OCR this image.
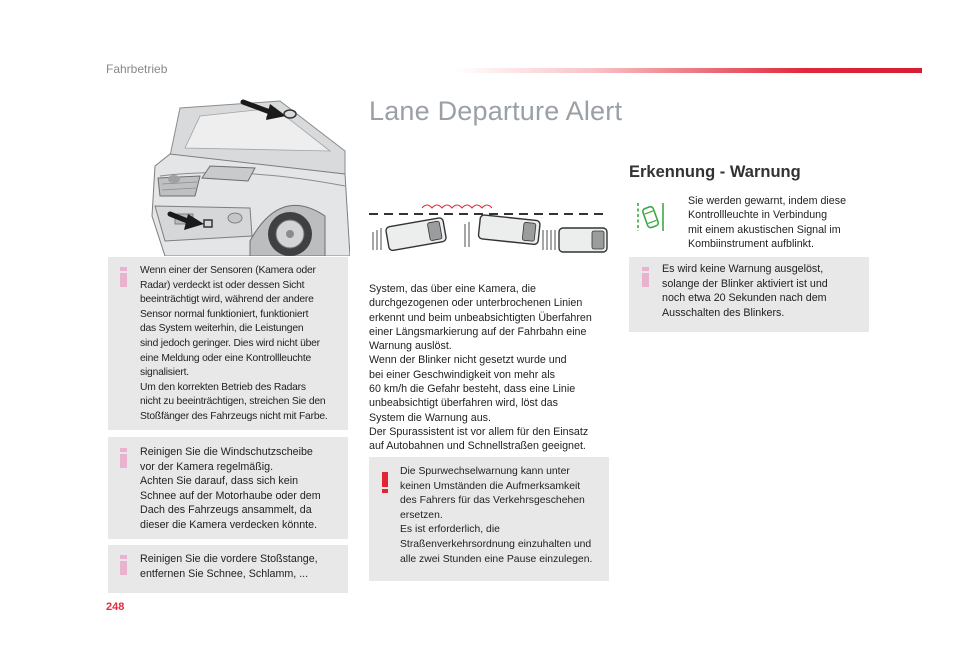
Fahrbetrieb
248
Lane Departure Alert
Erkennung - Warnung
Sie werden gewarnt, indem diese
Kontrollleuchte in Verbindung
mit einem akustischen Signal im
Kombiinstrument aufblinkt.
System, das über eine Kamera, die
durchgezogenen oder unterbrochenen Linien
erkennt und beim unbeabsichtigten Überfahren
einer Längsmarkierung auf der Fahrbahn eine
Warnung auslöst.
Wenn der Blinker nicht gesetzt wurde und
bei einer Geschwindigkeit von mehr als
60 km/h die Gefahr besteht, dass eine Linie
unbeabsichtigt überfahren wird, löst das
System die Warnung aus.
Der Spurassistent ist vor allem für den Einsatz
auf Autobahnen und Schnellstraßen geeignet.
Wenn einer der Sensoren (Kamera oder
Radar) verdeckt ist oder dessen Sicht
beeinträchtigt wird, während der andere
Sensor normal funktioniert, funktioniert
das System weiterhin, die Leistungen
sind jedoch geringer. Dies wird nicht über
eine Meldung oder eine Kontrollleuchte
signalisiert.
Um den korrekten Betrieb des Radars
nicht zu beeinträchtigen, streichen Sie den
Stoßfänger des Fahrzeugs nicht mit Farbe.
Reinigen Sie die Windschutzscheibe
vor der Kamera regelmäßig.
Achten Sie darauf, dass sich kein
Schnee auf der Motorhaube oder dem
Dach des Fahrzeugs ansammelt, da
dieser die Kamera verdecken könnte.
Reinigen Sie die vordere Stoßstange,
entfernen Sie Schnee, Schlamm, ...
Die Spurwechselwarnung kann unter
keinen Umständen die Aufmerksamkeit
des Fahrers für das Verkehrsgeschehen
ersetzen.
Es ist erforderlich, die
Straßenverkehrsordnung einzuhalten und
alle zwei Stunden eine Pause einzulegen.
Es wird keine Warnung ausgelöst,
solange der Blinker aktiviert ist und
noch etwa 20 Sekunden nach dem
Ausschalten des Blinkers.
